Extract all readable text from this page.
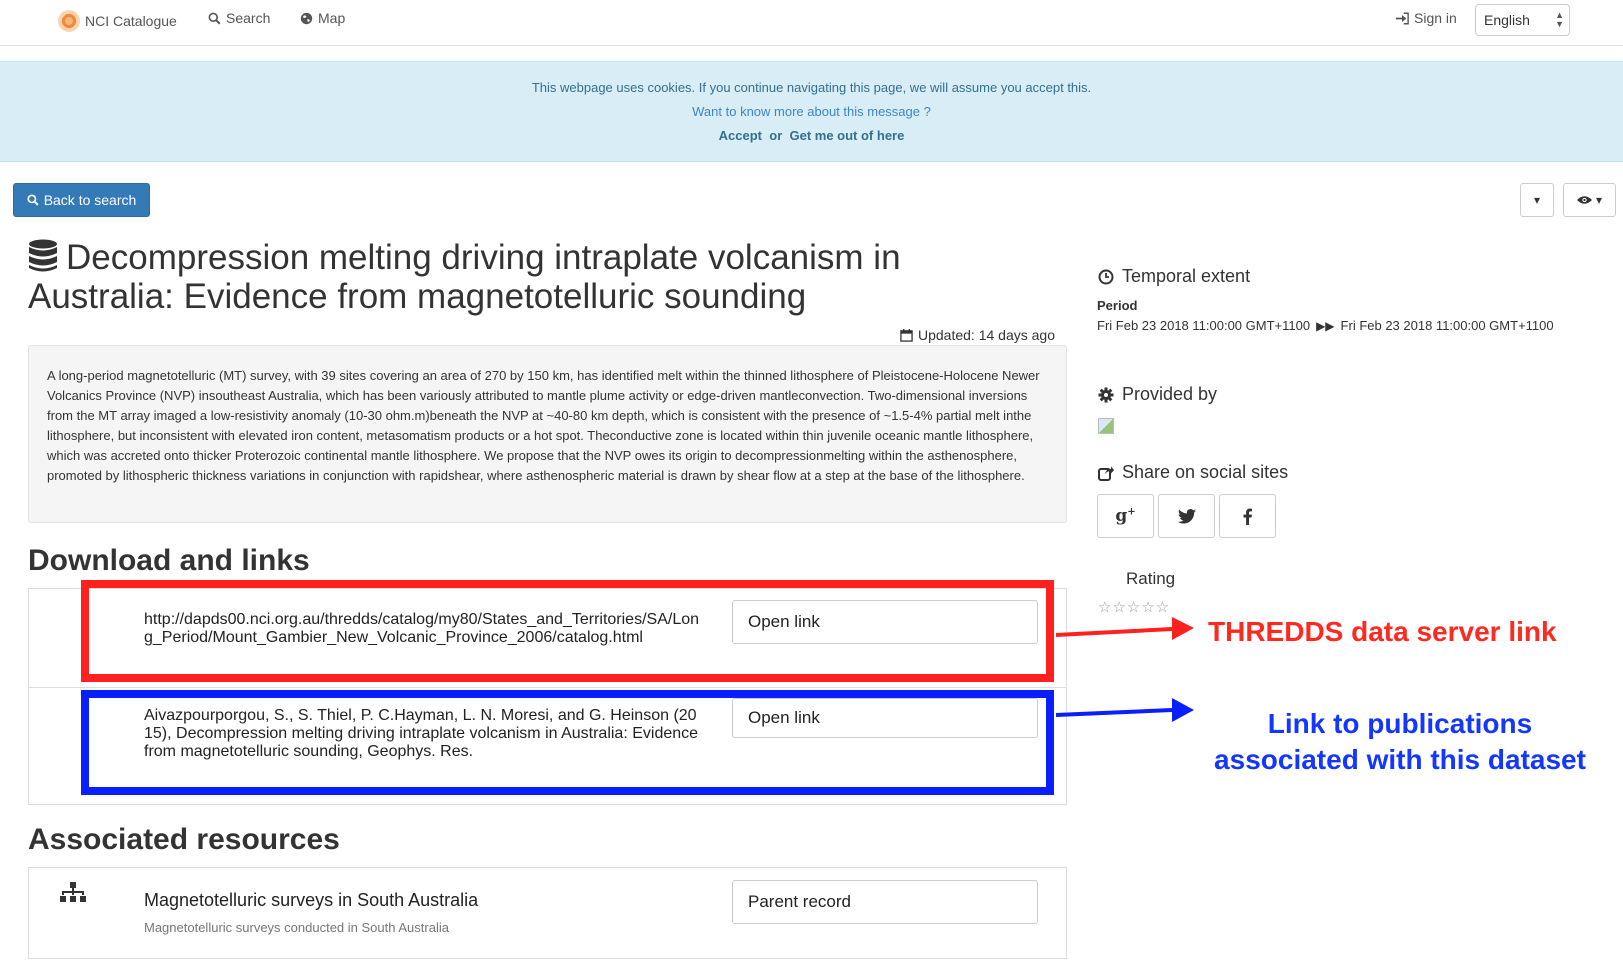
NCI Catalogue	Search	Map	Sign in	English	▲
▼

This webpage uses cookies. If you continue navigating this page, we will assume you accept this.

Want to know more about this message ?

Accept or Get me out of here

Back to search	▾	▾
Decompression melting driving intraplate volcanism in Australia: Evidence from magnetotelluric sounding
Updated: 14 days ago
A long-period magnetotelluric (MT) survey, with 39 sites covering an area of 270 by 150 km, has identified melt within the thinned lithosphere of Pleistocene-Holocene Newer Volcanics Province (NVP) insoutheast Australia, which has been variously attributed to mantle plume activity or edge-driven mantleconvection. Two-dimensional inversions from the MT array imaged a low-resistivity anomaly (10-30 ohm.m)beneath the NVP at ~40-80 km depth, which is consistent with the presence of ~1.5-4% partial melt inthe lithosphere, but inconsistent with elevated iron content, metasomatism products or a hot spot. Theconductive zone is located within thin juvenile oceanic mantle lithosphere, which was accreted onto thicker Proterozoic continental mantle lithosphere. We propose that the NVP owes its origin to decompressionmelting within the asthenosphere, promoted by lithospheric thickness variations in conjunction with rapidshear, where asthenospheric material is drawn by shear flow at a step at the base of the lithosphere.
Download and links
http://dapds00.nci.org.au/thredds/catalog/my80/States_and_Territories/SA/Long_Period/Mount_Gambier_New_Volcanic_Province_2006/catalog.html
Open link
Aivazpourporgou, S., S. Thiel, P. C.Hayman, L. N. Moresi, and G. Heinson (2015), Decompression melting driving intraplate volcanism in Australia: Evidence from magnetotelluric sounding, Geophys. Res.
Open link
THREDDS data server link
Link to publications
associated with this dataset
Associated resources
Magnetotelluric surveys in South Australia
Magnetotelluric surveys conducted in South Australia
Parent record
Temporal extent
Period
Fri Feb 23 2018 11:00:00 GMT+1100 ▶▶ Fri Feb 23 2018 11:00:00 GMT+1100
Provided by
Share on social sites
g+
Rating
☆☆☆☆☆
